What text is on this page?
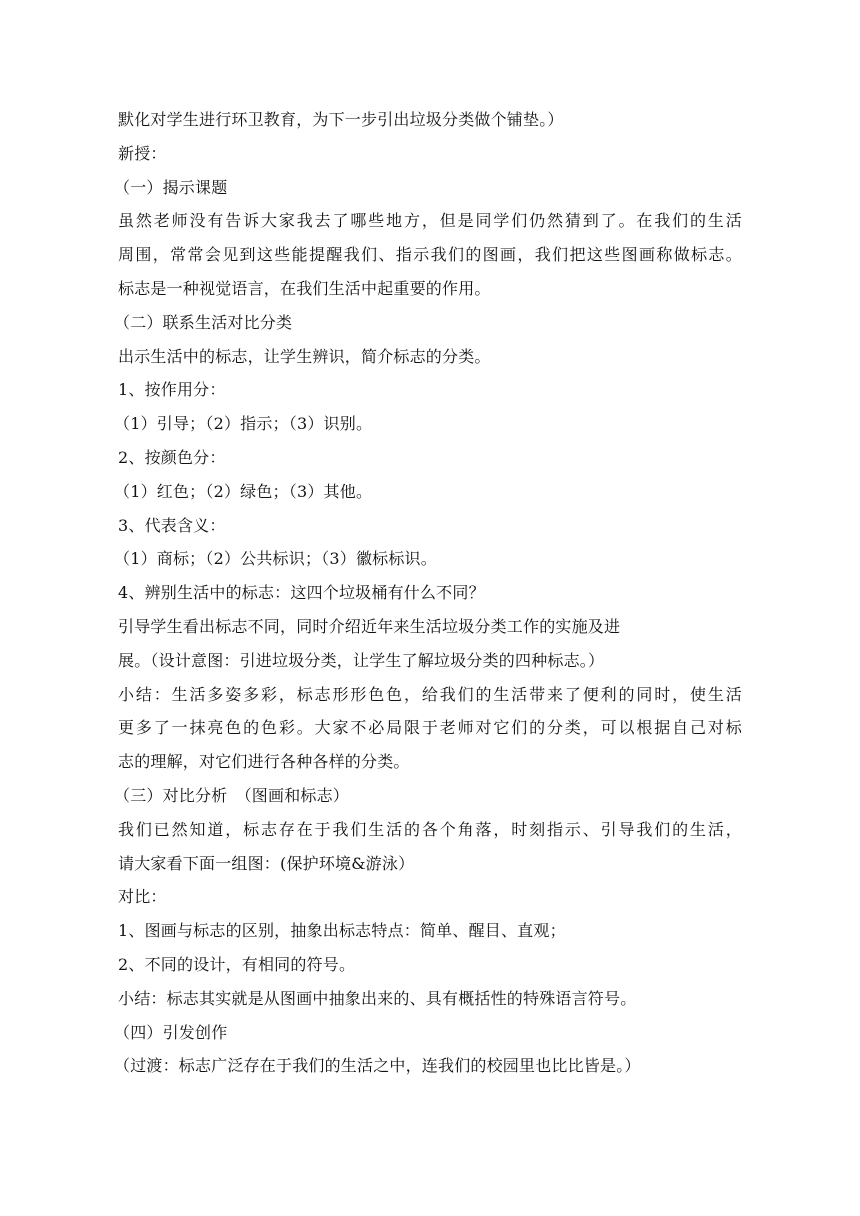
默化对学生进行环卫教育，为下一步引出垃圾分类做个铺垫。）
新授：
（一）揭示课题
虽然老师没有告诉大家我去了哪些地方，但是同学们仍然猜到了。在我们的生活
周围，常常会见到这些能提醒我们、指示我们的图画，我们把这些图画称做标志。
标志是一种视觉语言，在我们生活中起重要的作用。
（二）联系生活对比分类
出示生活中的标志，让学生辨识，简介标志的分类。
1、按作用分：
（1）引导；（2）指示；（3）识别。
2、按颜色分：
（1）红色；（2）绿色；（3）其他。
3、代表含义：
（1）商标；（2）公共标识；（3）徽标标识。
4、辨别生活中的标志：这四个垃圾桶有什么不同？
引导学生看出标志不同，同时介绍近年来生活垃圾分类工作的实施及进
展。（设计意图：引进垃圾分类，让学生了解垃圾分类的四种标志。）
小结：生活多姿多彩，标志形形色色，给我们的生活带来了便利的同时，使生活
更多了一抹亮色的色彩。大家不必局限于老师对它们的分类，可以根据自己对标
志的理解，对它们进行各种各样的分类。
（三）对比分析　（图画和标志）
我们已然知道，标志存在于我们生活的各个角落，时刻指示、引导我们的生活，
请大家看下面一组图：(保护环境&游泳）
对比：
1、图画与标志的区别，抽象出标志特点：简单、醒目、直观；
2、不同的设计，有相同的符号。
小结：标志其实就是从图画中抽象出来的、具有概括性的特殊语言符号。
（四）引发创作
（过渡：标志广泛存在于我们的生活之中，连我们的校园里也比比皆是。）
